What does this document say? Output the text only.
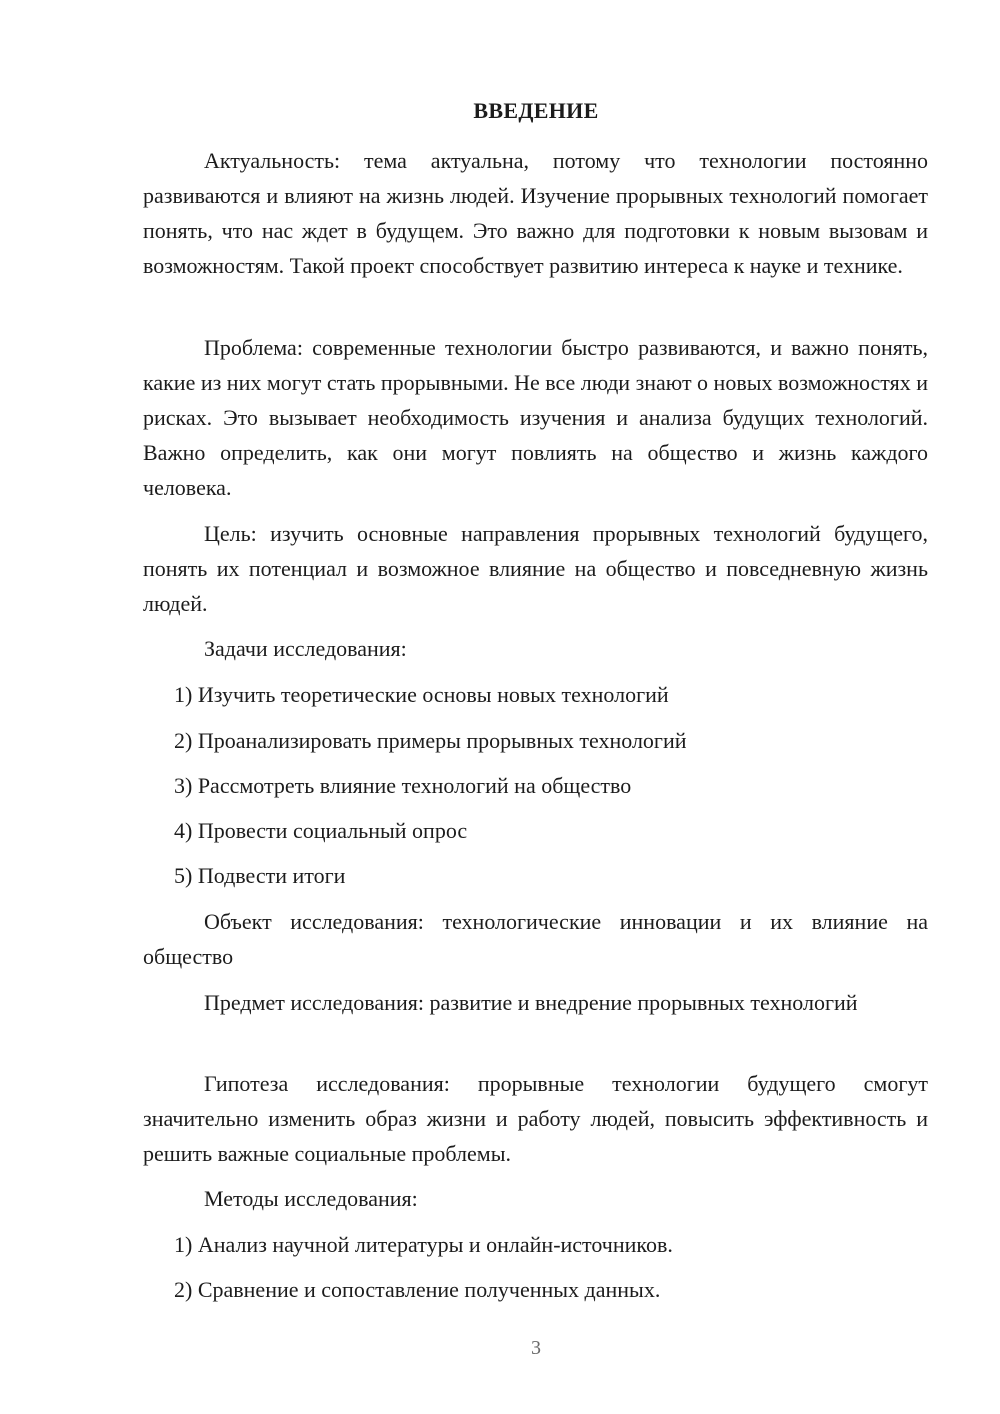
ВВЕДЕНИЕ

Актуальность: тема актуальна, потому что технологии постоянно развиваются и влияют на жизнь людей. Изучение прорывных технологий помогает понять, что нас ждет в будущем. Это важно для подготовки к новым вызовам и возможностям. Такой проект способствует развитию интереса к науке и технике.

Проблема: современные технологии быстро развиваются, и важно понять, какие из них могут стать прорывными. Не все люди знают о новых возможностях и рисках. Это вызывает необходимость изучения и анализа будущих технологий. Важно определить, как они могут повлиять на общество и жизнь каждого человека.

Цель: изучить основные направления прорывных технологий будущего, понять их потенциал и возможное влияние на общество и повседневную жизнь людей.

Задачи исследования:

1) Изучить теоретические основы новых технологий

2) Проанализировать примеры прорывных технологий

3) Рассмотреть влияние технологий на общество

4) Провести социальный опрос

5) Подвести итоги

Объект исследования: технологические инновации и их влияние на общество

Предмет исследования: развитие и внедрение прорывных технологий

Гипотеза исследования: прорывные технологии будущего смогут значительно изменить образ жизни и работу людей, повысить эффективность и решить важные социальные проблемы.

Методы исследования:

1) Анализ научной литературы и онлайн-источников.

2) Сравнение и сопоставление полученных данных.

3
